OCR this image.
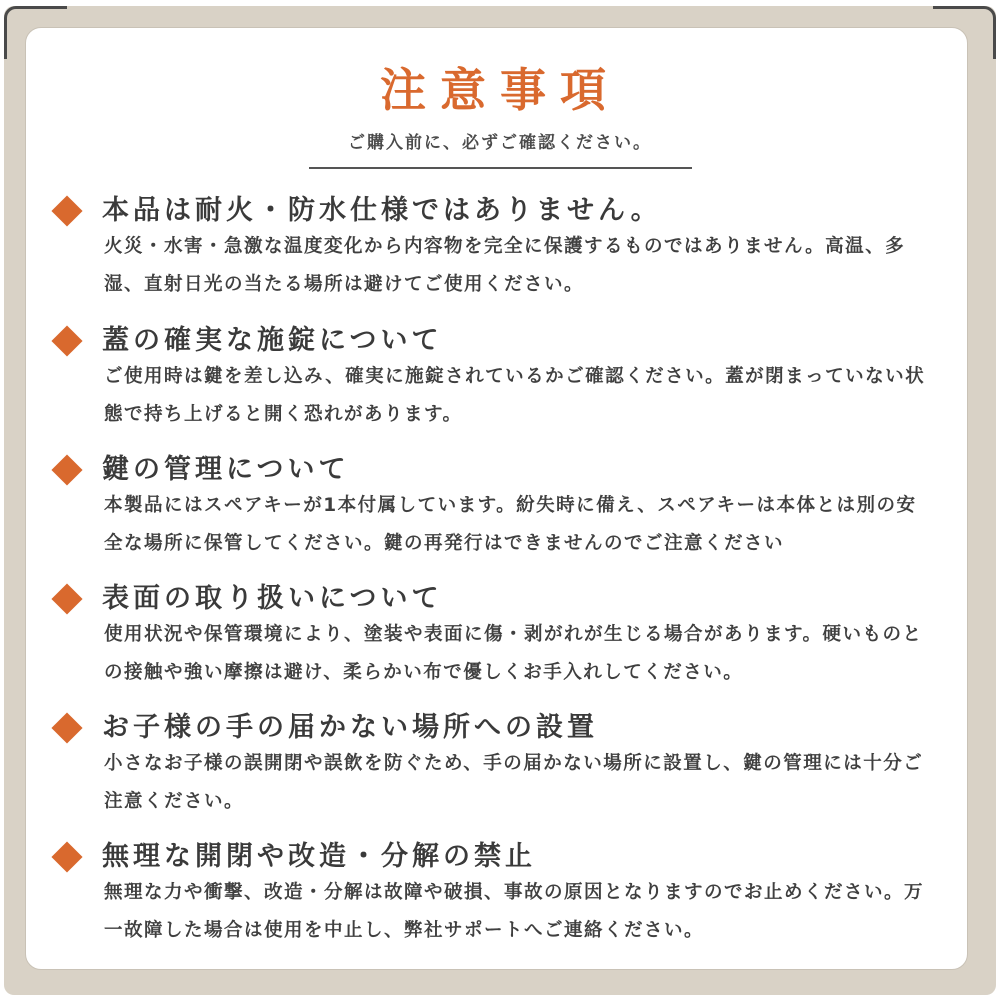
注意事項
ご購入前に、必ずご確認ください。
本品は耐火・防水仕様ではありません。
火災・水害・急激な温度変化から内容物を完全に保護するものではありません。高温、多湿、直射日光の当たる場所は避けてご使用ください。
蓋の確実な施錠について
ご使用時は鍵を差し込み、確実に施錠されているかご確認ください。蓋が閉まっていない状態で持ち上げると開く恐れがあります。
鍵の管理について
本製品にはスペアキーが1本付属しています。紛失時に備え、スペアキーは本体とは別の安全な場所に保管してください。鍵の再発行はできませんのでご注意ください
表面の取り扱いについて
使用状況や保管環境により、塗装や表面に傷・剥がれが生じる場合があります。硬いものとの接触や強い摩擦は避け、柔らかい布で優しくお手入れしてください。
お子様の手の届かない場所への設置
小さなお子様の誤開閉や誤飲を防ぐため、手の届かない場所に設置し、鍵の管理には十分ご注意ください。
無理な開閉や改造・分解の禁止
無理な力や衝撃、改造・分解は故障や破損、事故の原因となりますのでお止めください。万一故障した場合は使用を中止し、弊社サポートへご連絡ください。
